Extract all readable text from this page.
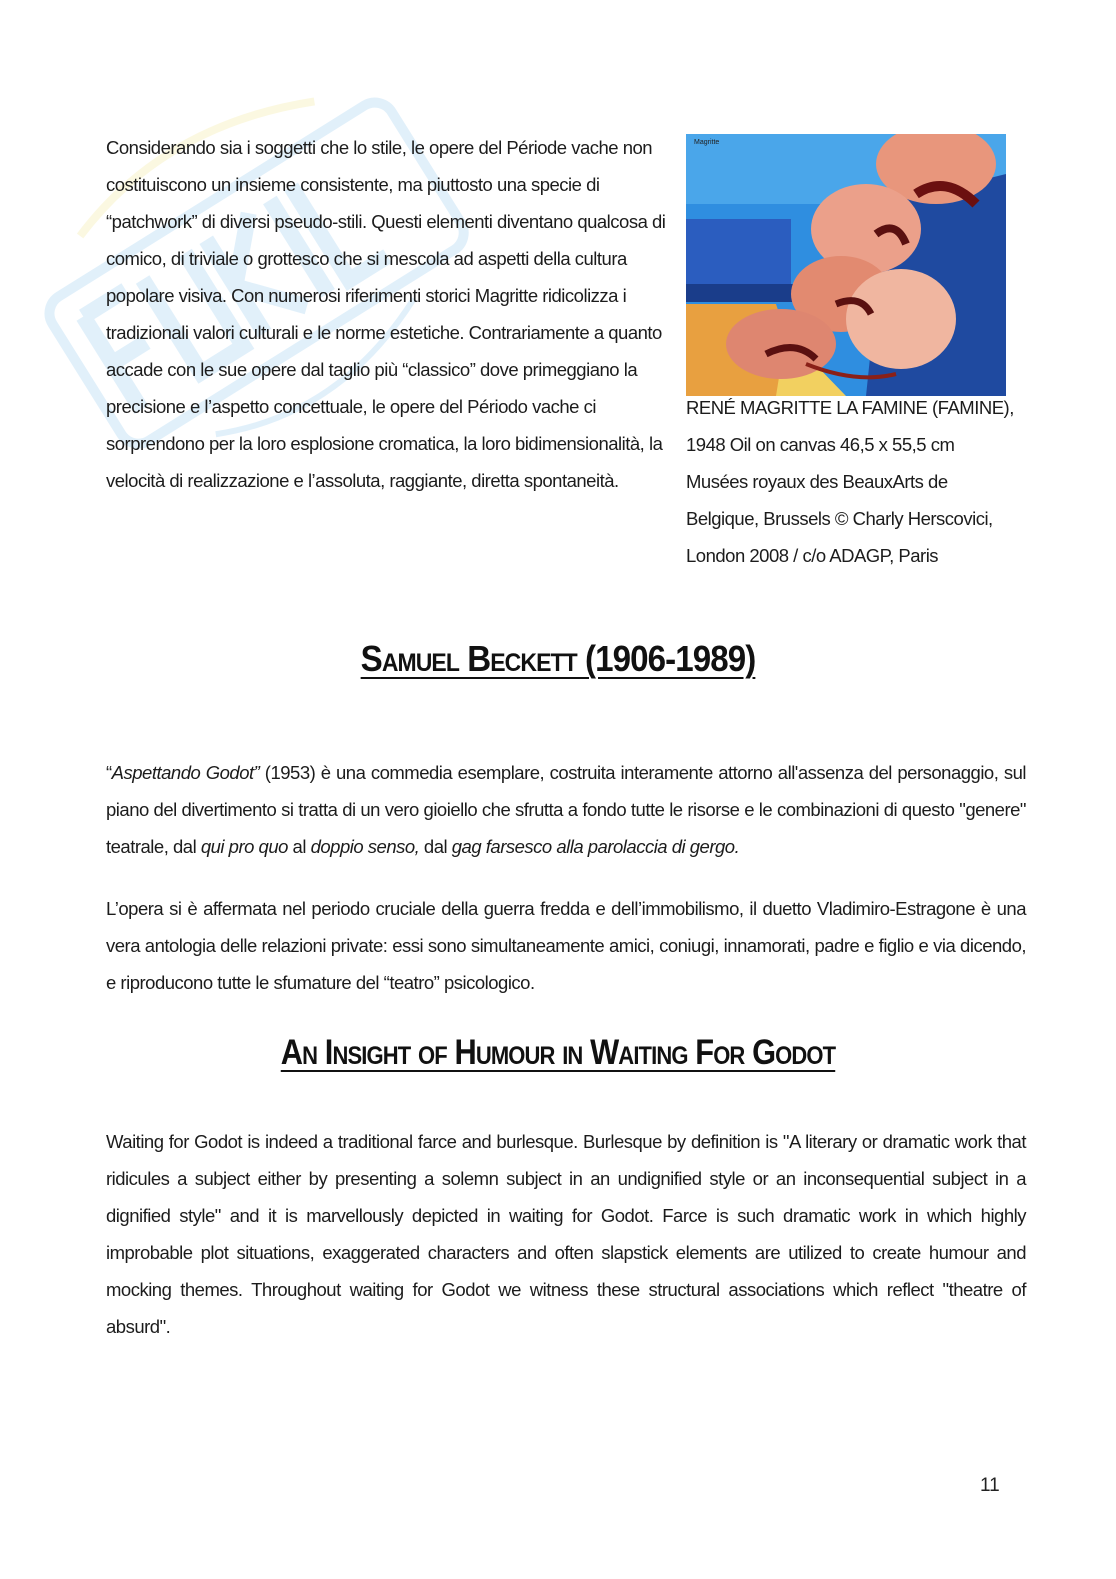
Considerando sia i soggetti che lo stile, le opere del Période vache non costituiscono un insieme consistente, ma piuttosto una specie di “patchwork” di diversi pseudo-stili. Questi elementi diventano qualcosa di comico, di triviale o grottesco che si mescola ad aspetti della cultura popolare visiva. Con numerosi riferimenti storici Magritte ridicolizza i tradizionali valori culturali e le norme estetiche. Contrariamente a quanto accade con le sue opere dal taglio più “classico” dove primeggiano la precisione e l’aspetto concettuale, le opere del Périodo vache ci sorprendono per la loro esplosione cromatica, la loro bidimensionalità, la velocità di realizzazione e l’assoluta, raggiante, diretta spontaneità.

Magritte

RENÉ MAGRITTE LA FAMINE (FAMINE), 1948 Oil on canvas 46,5 x 55,5 cm Musées royaux des BeauxArts de Belgique, Brussels © Charly Herscovici, London 2008 / c/o ADAGP, Paris

Samuel Beckett (1906-1989)

“Aspettando Godot” (1953) è una commedia esemplare, costruita interamente attorno all'assenza del personaggio, sul piano del divertimento si tratta di un vero gioiello che sfrutta a fondo tutte le risorse e le combinazioni di questo "genere" teatrale, dal qui pro quo al doppio senso, dal gag farsesco alla parolaccia di gergo.

L’opera si è affermata nel periodo cruciale della guerra fredda e dell’immobilismo, il duetto Vladimiro-Estragone è una vera antologia delle relazioni private: essi sono simultaneamente amici, coniugi, innamorati, padre e figlio e via dicendo, e riproducono tutte le sfumature del “teatro” psicologico.

An Insight of Humour in Waiting For Godot

Waiting for Godot is indeed a traditional farce and burlesque. Burlesque by definition is "A literary or dramatic work that ridicules a subject either by presenting a solemn subject in an undignified style or an inconsequential subject in a dignified style" and it is marvellously depicted in waiting for Godot. Farce is such dramatic work in which highly improbable plot situations, exaggerated characters and often slapstick elements are utilized to create humour and mocking themes. Throughout waiting for Godot we witness these structural associations which reflect "theatre of absurd".

11
